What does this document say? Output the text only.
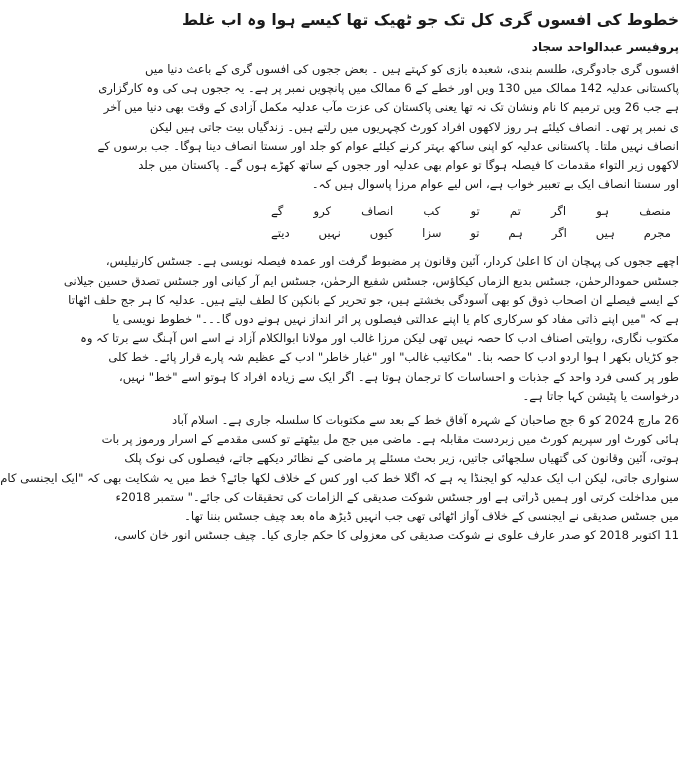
خطوط کی افسوں گری کل تک جو ٹھیک تھا کیسے ہوا وہ اب غلط
پروفیسر عبدالواحد سجاد
افسوں گری جادوگری، طلسم بندی، شعبدہ بازی کو کہتے ہیں ۔ بعض ججوں کی افسوں گری کے باعث دنیا میں
پاکستانی عدلیہ 142 ممالک میں 130 ویں اور خطے کے 6 ممالک میں پانچویں نمبر پر ہے۔ یہ ججوں ہی کی وہ کارگزاری
ہے جب 26 ویں ترمیم کا نام ونشان تک نہ تھا یعنی پاکستان کی عزت مآب عدلیہ مکمل آزادی کے وقت بھی دنیا میں آخر
ی نمبر پر تھی۔ انصاف کیلئے ہر روز لاکھوں افراد کورٹ کچہریوں میں رلتے ہیں۔ زندگیاں بیت جاتی ہیں لیکن
انصاف نہیں ملتا۔ پاکستانی عدلیہ کو اپنی ساکھ بہتر کرنے کیلئے عوام کو جلد اور سستا انصاف دینا ہوگا۔ جب برسوں کے
لاکھوں زیر التواء مقدمات کا فیصلہ ہوگا تو عوام بھی عدلیہ اور ججوں کے ساتھ کھڑے ہوں گے۔ پاکستان میں جلد
اور سستا انصاف ایک بے تعبیر خواب ہے، اس لیے عوام مرزا پاسوال ہیں کہ۔
منصف ہو اگر تم تو کب انصاف کرو گے
مجرم ہیں اگر ہم تو سزا کیوں نہیں دیتے
اچھے ججوں کی پہچان ان کا اعلیٰ کردار، آئین وقانون پر مضبوط گرفت اور عمدہ فیصلہ نویسی ہے۔ جسٹس کارنیلیس،
جسٹس حمودالرحمٰن، جسٹس بدیع الزماں کیکاؤس، جسٹس شفیع الرحمٰن، جسٹس ایم آر کیانی اور جسٹس تصدق حسین جیلانی
کے ایسے فیصلے ان اصحاب ذوق کو بھی آسودگی بخشتے ہیں، جو تحریر کے بانکپن کا لطف لیتے ہیں۔ عدلیہ کا ہر جج حلف اٹھاتا
ہے کہ "میں اپنے ذاتی مفاد کو سرکاری کام یا اپنے عدالتی فیصلوں پر اثر انداز نہیں ہونے دوں گا۔۔۔" خطوط نویسی یا
مکتوب نگاری، روایتی اصناف ادب کا حصہ نہیں تھی لیکن مرزا غالب اور مولانا ابوالکلام آزاد نے اسے اس آہنگ سے برتا کہ وہ
جو کڑیاں بکھر ا ہوا اردو ادب کا حصہ بنا۔ "مکاتیب غالب" اور "غبار خاطر" ادب کے عظیم شہ پارے قرار پائے۔ خط کلی
طور پر کسی فرد واحد کے جذبات و احساسات کا ترجمان ہوتا ہے۔ اگر ایک سے زیادہ افراد کا ہوتو اسے "خط" نہیں،
درخواست یا پٹیشن کہا جاتا ہے۔
26 مارچ 2024 کو 6 جج صاحبان کے شہرہ آفاق خط کے بعد سے مکتوبات کا سلسلہ جاری ہے۔ اسلام آباد
ہائی کورٹ اور سپریم کورٹ میں زبردست مقابلہ ہے۔ ماضی میں جج مل بیٹھتے تو کسی مقدمے کے اسرار ورموز پر بات
ہوتی، آئین وقانون کی گتھیاں سلجھائی جاتیں، زیر بحث مسئلے پر ماضی کے نظائر دیکھے جاتے، فیصلوں کی نوک پلک
سنواری جاتی، لیکن اب ایک عدلیہ کو ایجنڈا یہ ہے کہ اگلا خط کب اور کس کے خلاف لکھا جائے؟ خط میں یہ شکایت بھی کہ "ایک ایجنسی کام
میں مداخلت کرتی اور ہمیں ڈراتی ہے اور جسٹس شوکت صدیقی کے الزامات کی تحقیقات کی جائے۔" ستمبر 2018ء
میں جسٹس صدیقی نے ایجنسی کے خلاف آواز اٹھائی تھی جب انہیں ڈیڑھ ماہ بعد چیف جسٹس بننا تھا۔
11 اکتوبر 2018 کو صدر عارف علوی نے شوکت صدیقی کی معزولی کا حکم جاری کیا۔ چیف جسٹس انور خان کاسی،
